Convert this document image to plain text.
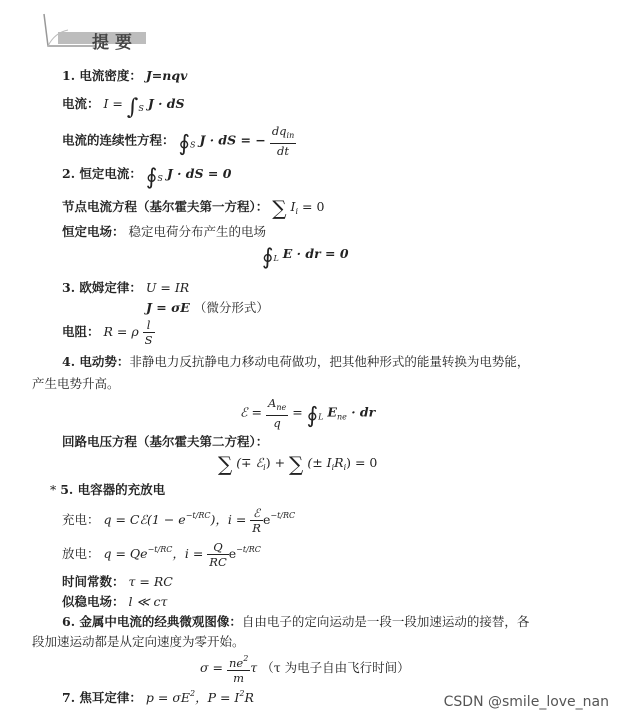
提要
1. 电流密度： J=nqv
电流： $I = \int_S$ J · dS
电流的连续性方程： $∮_S$ J · dS = − $\frac{dq_{in}}{dt}$
2. 恒定电流： $∮_S$ J · dS = 0
节点电流方程（基尔霍夫第一方程）： ∑ $I_i = 0$
恒定电场： 稳定电荷分布产生的电场
$∮_L$ E · dr = 0
3. 欧姆定律： U = IR
J = σE （微分形式）
电阻： R = ρ $\frac{l}{S}$
4. 电动势：非静电力反抗静电力移动电荷做功，把其他种形式的能量转换为电势能，
产生电势升高。
ℰ = $\frac{A_{ne}}{q}$ = $∮_L$ $E_{ne}$ · dr
回路电压方程（基尔霍夫第二方程）：
∑ (∓ ℰ$_i$) + ∑ (± $I_iR_i) = 0$
* 5. 电容器的充放电
充电： q = Cℰ(1 − $e^{-t/RC}$)，$i = \frac{\text{ℰ}}{R} e^{-t/RC}$
放电： $q = Qe^{-t/RC}$，$i = \frac{Q}{RC} e^{-t/RC}$
时间常数： τ = RC
似稳电场： l ≪ cτ
6. 金属中电流的经典微观图像：自由电子的定向运动是一段一段加速运动的接替，各
段加速运动都是从定向速度为零开始。
$\sigma = \frac{ne^2}{m}$ τ （τ 为电子自由飞行时间）
7. 焦耳定律： $p = \sigma E^2$，$P = I^2R$	CSDN @smile_love_nan
